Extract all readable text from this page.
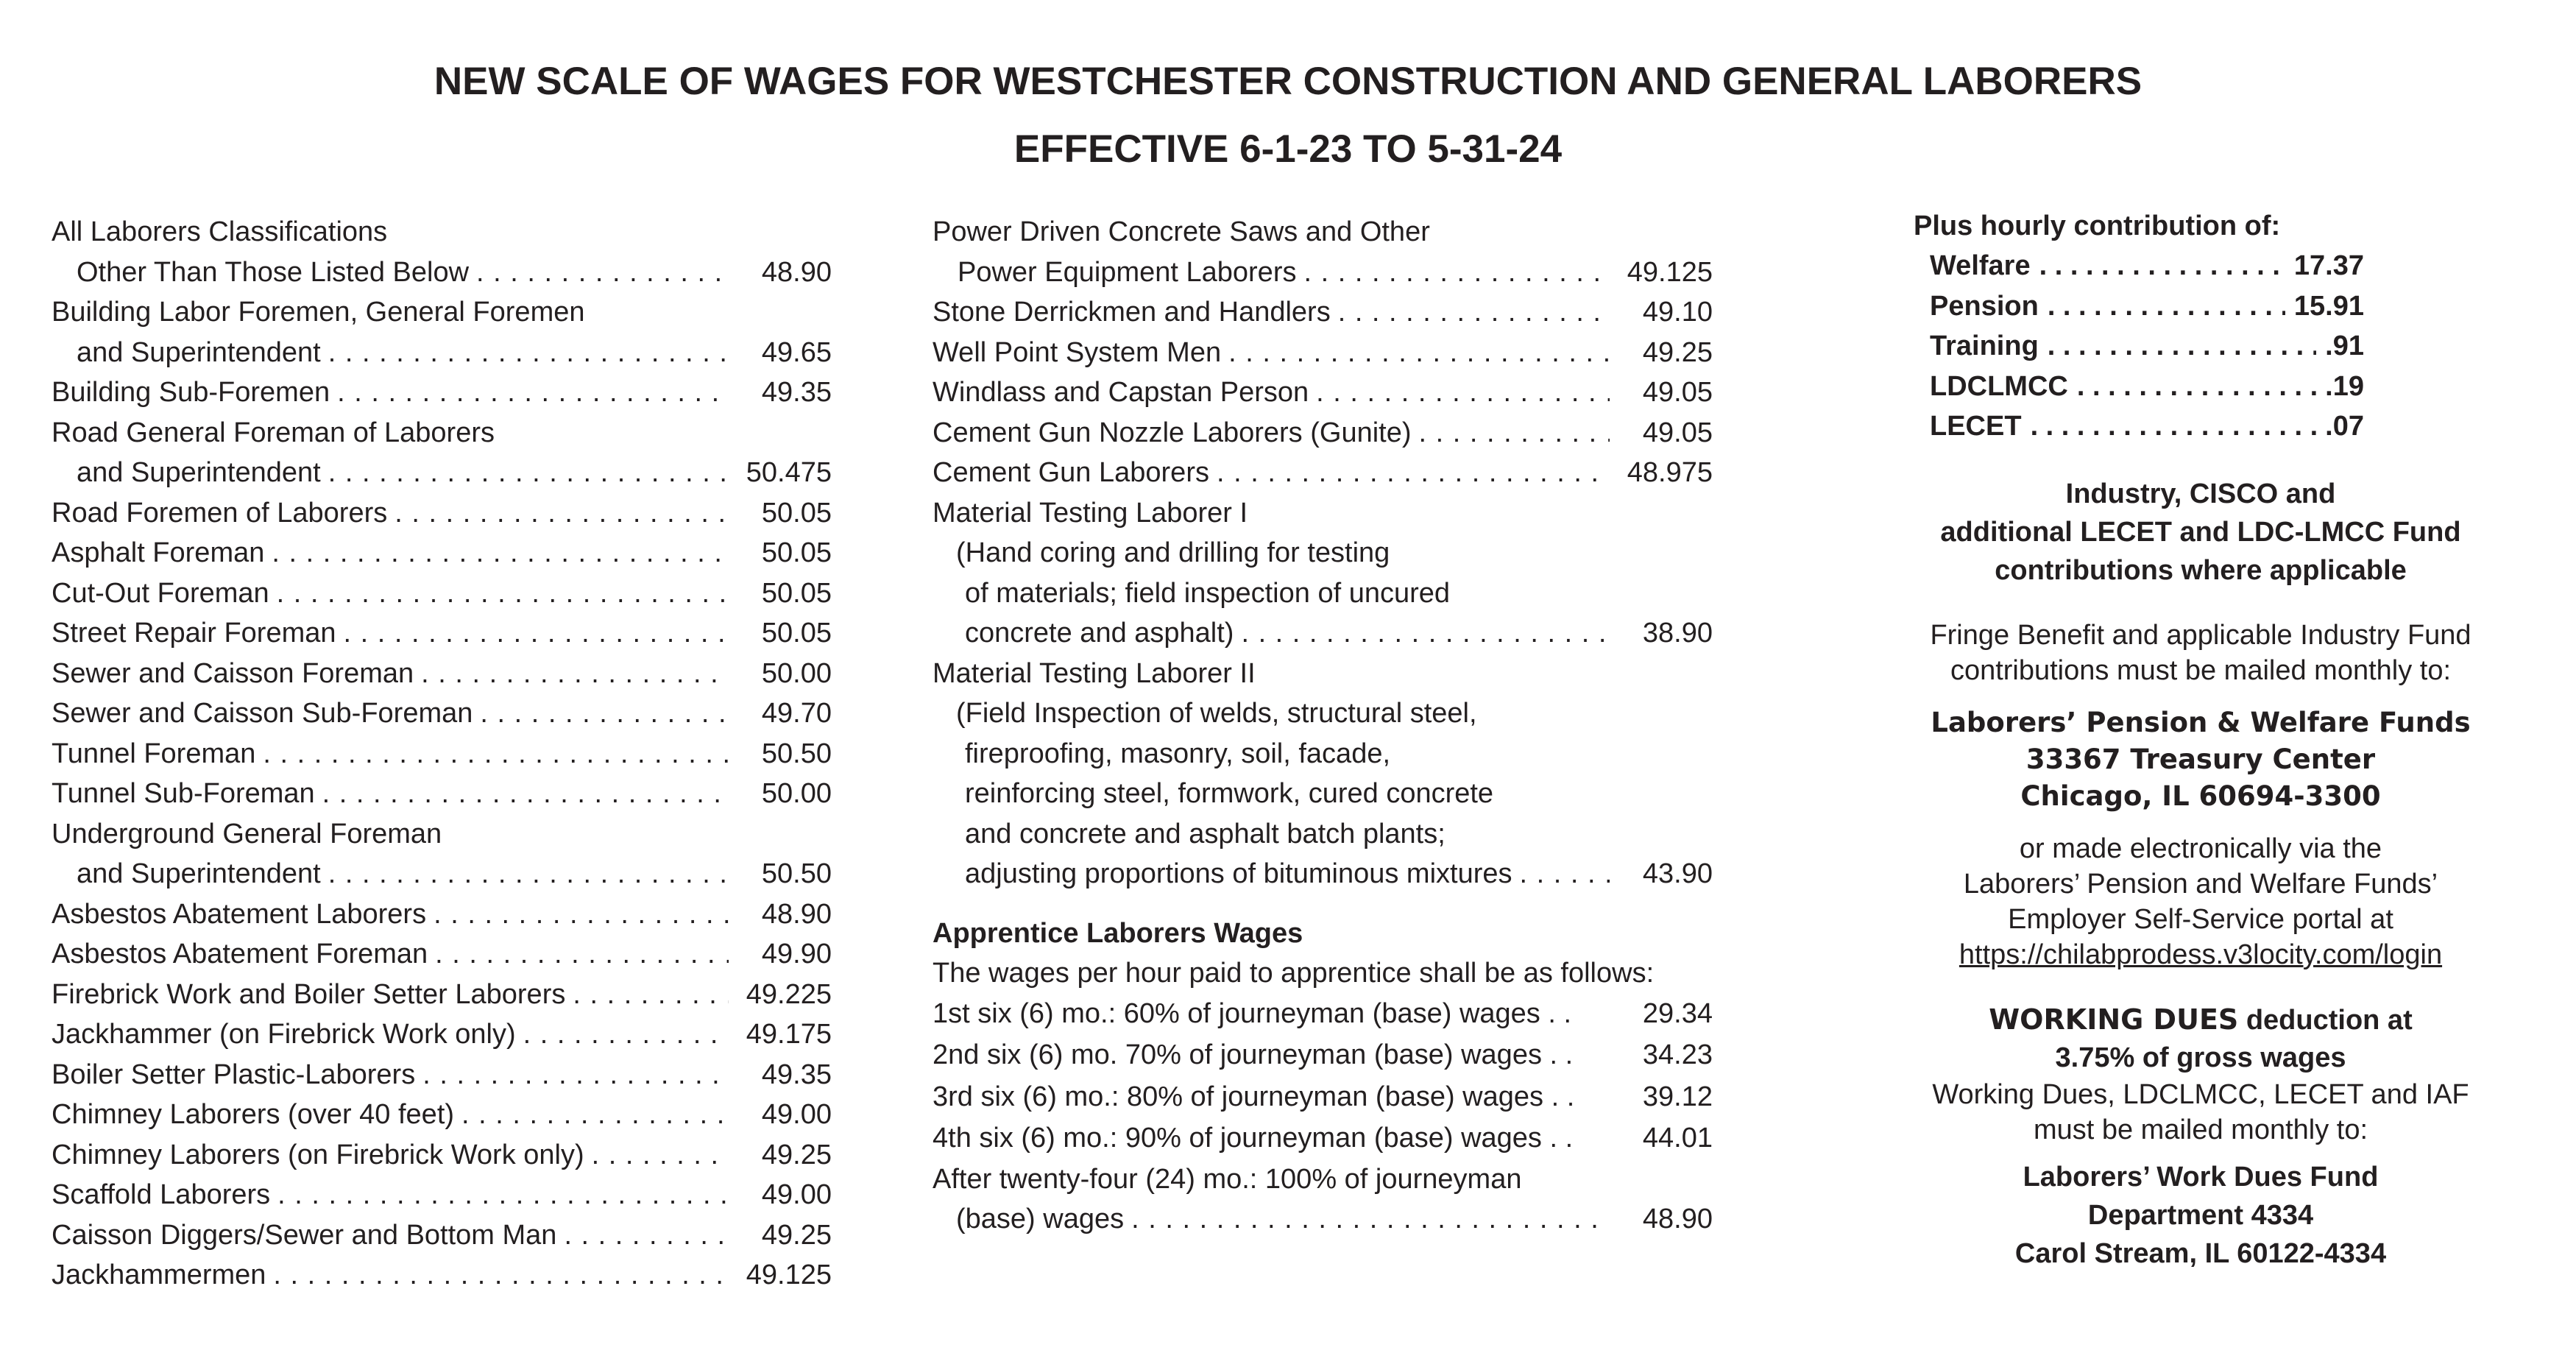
NEW SCALE OF WAGES FOR WESTCHESTER CONSTRUCTION AND GENERAL LABORERS
EFFECTIVE 6-1-23 TO 5-31-24
All Laborers Classifications
Other Than Those Listed Below . . .	48.90
Building Labor Foremen, General Foremen
and Superintendent . . .	49.65
Building Sub-Foremen . . .	49.35
Road General Foreman of Laborers
and Superintendent . . .	50.475
Road Foremen of Laborers . . .	50.05
Asphalt Foreman . . .	50.05
Cut-Out Foreman . . .	50.05
Street Repair Foreman . . .	50.05
Sewer and Caisson Foreman . . .	50.00
Sewer and Caisson Sub-Foreman . . .	49.70
Tunnel Foreman . . .	50.50
Tunnel Sub-Foreman . . .	50.00
Underground General Foreman
and Superintendent . . .	50.50
Asbestos Abatement Laborers . . .	48.90
Asbestos Abatement Foreman . . .	49.90
Firebrick Work and Boiler Setter Laborers . . .	49.225
Jackhammer (on Firebrick Work only) . . .	49.175
Boiler Setter Plastic-Laborers . . .	49.35
Chimney Laborers (over 40 feet) . . .	49.00
Chimney Laborers (on Firebrick Work only) . . .	49.25
Scaffold Laborers . . .	49.00
Caisson Diggers/Sewer and Bottom Man . . .	49.25
Jackhammermen . . .	49.125
Power Driven Concrete Saws and Other
Power Equipment Laborers . . .	49.125
Stone Derrickmen and Handlers . . .	49.10
Well Point System Men . . .	49.25
Windlass and Capstan Person . . .	49.05
Cement Gun Nozzle Laborers (Gunite) . . .	49.05
Cement Gun Laborers . . .	48.975
Material Testing Laborer I
(Hand coring and drilling for testing
of materials; field inspection of uncured
concrete and asphalt) . . .	38.90
Material Testing Laborer II
(Field Inspection of welds, structural steel,
fireproofing, masonry, soil, facade,
reinforcing steel, formwork, cured concrete
and concrete and asphalt batch plants;
adjusting proportions of bituminous mixtures . . .	43.90
Apprentice Laborers Wages
The wages per hour paid to apprentice shall be as follows:
1st six (6) mo.: 60% of journeyman (base) wages . .	29.34
2nd six (6) mo. 70% of journeyman (base) wages . .	34.23
3rd six (6) mo.: 80% of journeyman (base) wages . .	39.12
4th six (6) mo.: 90% of journeyman (base) wages . .	44.01
After twenty-four (24) mo.: 100% of journeyman
(base) wages . . .	48.90
Plus hourly contribution of:
Welfare . . .	17.37
Pension . . .	15.91
Training . . .	.91
LDCLMCC . . .	.19
LECET . . .	.07
Industry, CISCO and
additional LECET and LDC-LMCC Fund
contributions where applicable
Fringe Benefit and applicable Industry Fund
contributions must be mailed monthly to:
Laborers’ Pension & Welfare Funds
33367 Treasury Center
Chicago, IL 60694-3300
or made electronically via the
Laborers’ Pension and Welfare Funds’
Employer Self-Service portal at
https://chilabprodess.v3locity.com/login
WORKING DUES deduction at
3.75% of gross wages
Working Dues, LDCLMCC, LECET and IAF
must be mailed monthly to:
Laborers’ Work Dues Fund
Department 4334
Carol Stream, IL 60122-4334
